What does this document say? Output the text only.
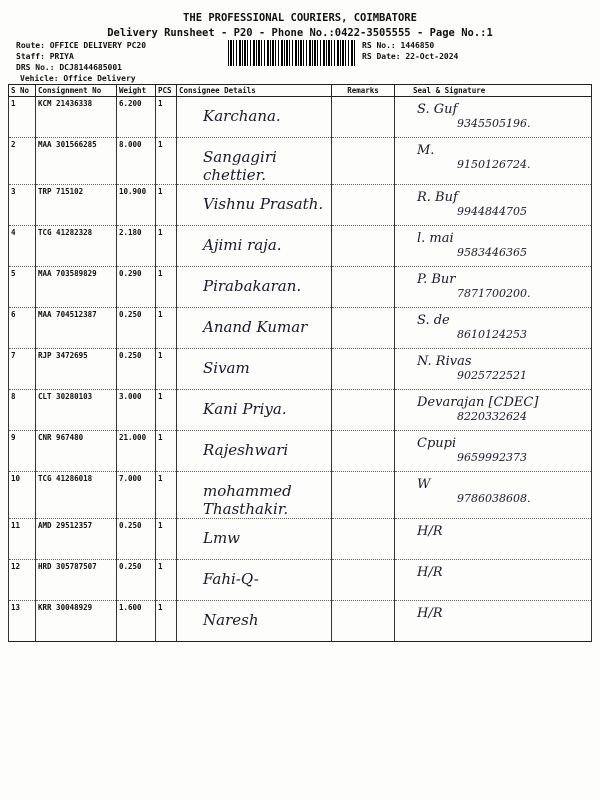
THE PROFESSIONAL COURIERS, COIMBATORE
Delivery Runsheet - P20 - Phone No.:0422-3505555 - Page No.:1
Route: OFFICE DELIVERY PC20
Staff: PRIYA
DRS No.: DCJ8144685001
Vehicle: Office Delivery
RS No.: 1446850
RS Date: 22-Oct-2024
S No	Consignment No	Weight	PCS	Consignee Details	Remarks	Seal & Signature
1	KCM 21436338	6.200	1	Karchana.		S. Guf
9345505196.

2	MAA 301566285	8.000	1	Sangagiri chettier.		M.
9150126724.

3	TRP 715102	10.900	1	Vishnu Prasath.		R. Buf
9944844705

4	TCG 41282328	2.180	1	Ajimi raja.		l. mai
9583446365

5	MAA 703589829	0.290	1	Pirabakaran.		P. Bur
7871700200.

6	MAA 704512387	0.250	1	Anand Kumar		S. de
8610124253

7	RJP 3472695	0.250	1	Sivam		N. Rivas
9025722521

8	CLT 30280103	3.000	1	Kani Priya.		Devarajan [CDEC]
8220332624

9	CNR 967480	21.000	1	Rajeshwari		Cpupi
9659992373

10	TCG 41286018	7.000	1	mohammed Thasthakir.		W
9786038608.

11	AMD 29512357	0.250	1	Lmw		H/R

12	HRD 305787507	0.250	1	Fahi-Q-		H/R

13	KRR 30048929	1.600	1	Naresh		H/R
